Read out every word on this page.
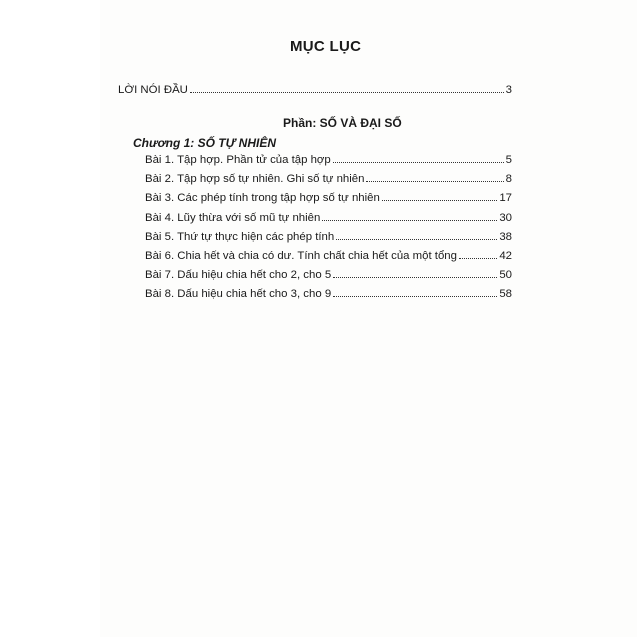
MỤC LỤC
LỜI NÓI ĐẦU	3
Phần: SỐ VÀ ĐẠI SỐ
Chương 1: SỐ TỰ NHIÊN
Bài 1. Tập hợp. Phần tử của tập hợp	5
Bài 2. Tập hợp số tự nhiên. Ghi số tự nhiên	8
Bài 3. Các phép tính trong tập hợp số tự nhiên	17
Bài 4. Lũy thừa với số mũ tự nhiên	30
Bài 5. Thứ tự thực hiện các phép tính	38
Bài 6. Chia hết và chia có dư. Tính chất chia hết của một tổng	42
Bài 7. Dấu hiệu chia hết cho 2, cho 5	50
Bài 8. Dấu hiệu chia hết cho 3, cho 9	58
